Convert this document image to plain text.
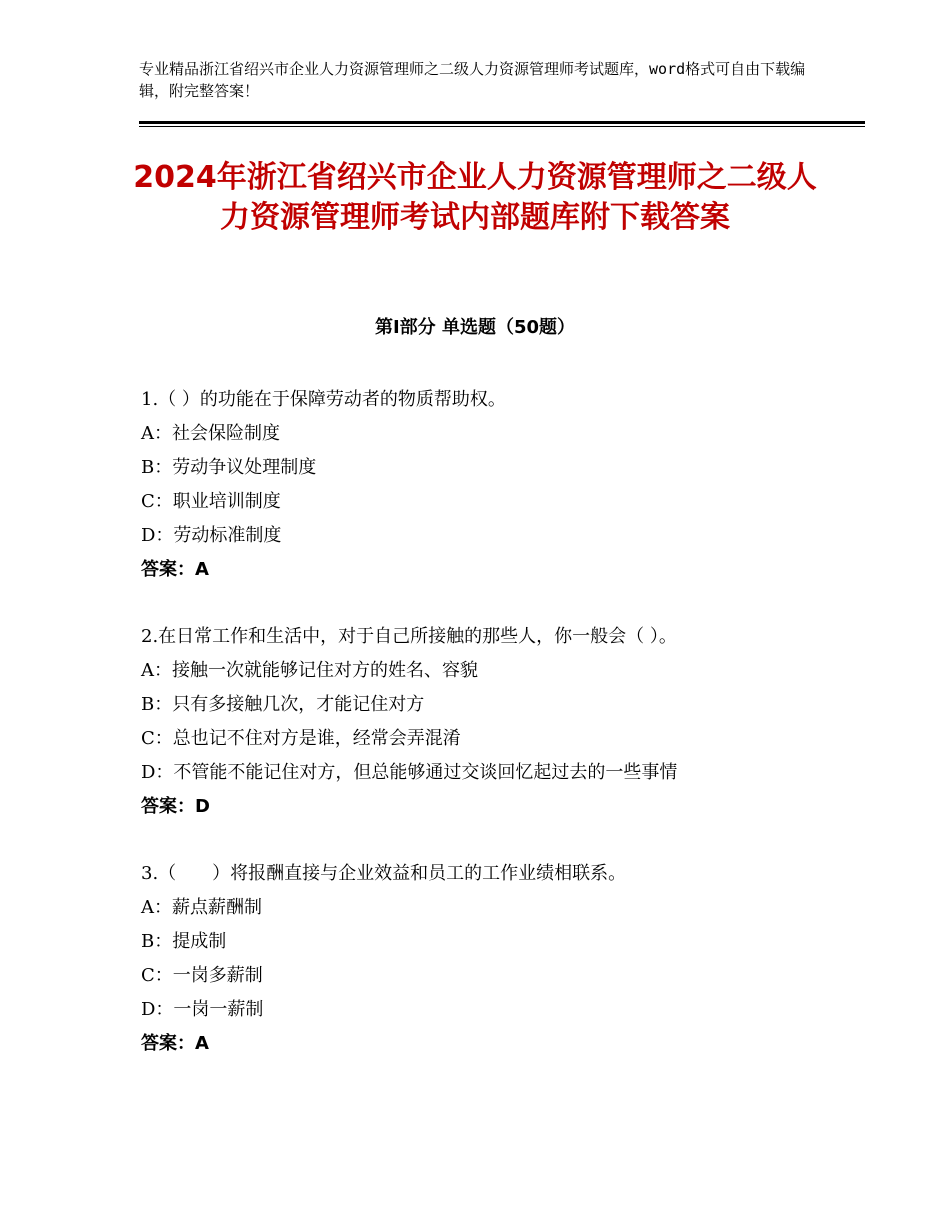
专业精品浙江省绍兴市企业人力资源管理师之二级人力资源管理师考试题库，word格式可自由下载编辑，附完整答案！
2024年浙江省绍兴市企业人力资源管理师之二级人力资源管理师考试内部题库附下载答案
第Ⅰ部分 单选题（50题）
1.（ ）的功能在于保障劳动者的物质帮助权。
A：社会保险制度
B：劳动争议处理制度
C：职业培训制度
D：劳动标准制度
答案：A
2.在日常工作和生活中，对于自己所接触的那些人，你一般会（ ）。
A：接触一次就能够记住对方的姓名、容貌
B：只有多接触几次，才能记住对方
C：总也记不住对方是谁，经常会弄混淆
D：不管能不能记住对方，但总能够通过交谈回忆起过去的一些事情
答案：D
3.（　　）将报酬直接与企业效益和员工的工作业绩相联系。
A：薪点薪酬制
B：提成制
C：一岗多薪制
D：一岗一薪制
答案：A
